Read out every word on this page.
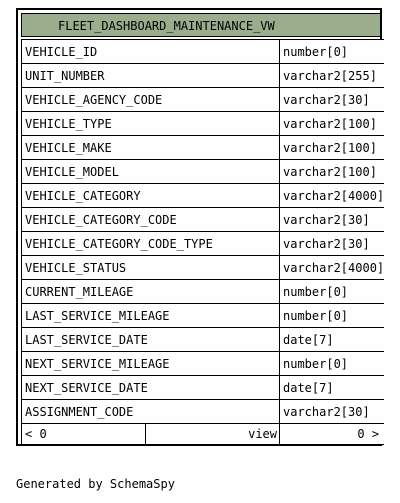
FLEET_DASHBOARD_MAINTENANCE_VW
VEHICLE_ID	number[0]
UNIT_NUMBER	varchar2[255]
VEHICLE_AGENCY_CODE	varchar2[30]
VEHICLE_TYPE	varchar2[100]
VEHICLE_MAKE	varchar2[100]
VEHICLE_MODEL	varchar2[100]
VEHICLE_CATEGORY	varchar2[4000]
VEHICLE_CATEGORY_CODE	varchar2[30]
VEHICLE_CATEGORY_CODE_TYPE	varchar2[30]
VEHICLE_STATUS	varchar2[4000]
CURRENT_MILEAGE	number[0]
LAST_SERVICE_MILEAGE	number[0]
LAST_SERVICE_DATE	date[7]
NEXT_SERVICE_MILEAGE	number[0]
NEXT_SERVICE_DATE	date[7]
ASSIGNMENT_CODE	varchar2[30]
< 0	view	0 >
Generated by SchemaSpy
